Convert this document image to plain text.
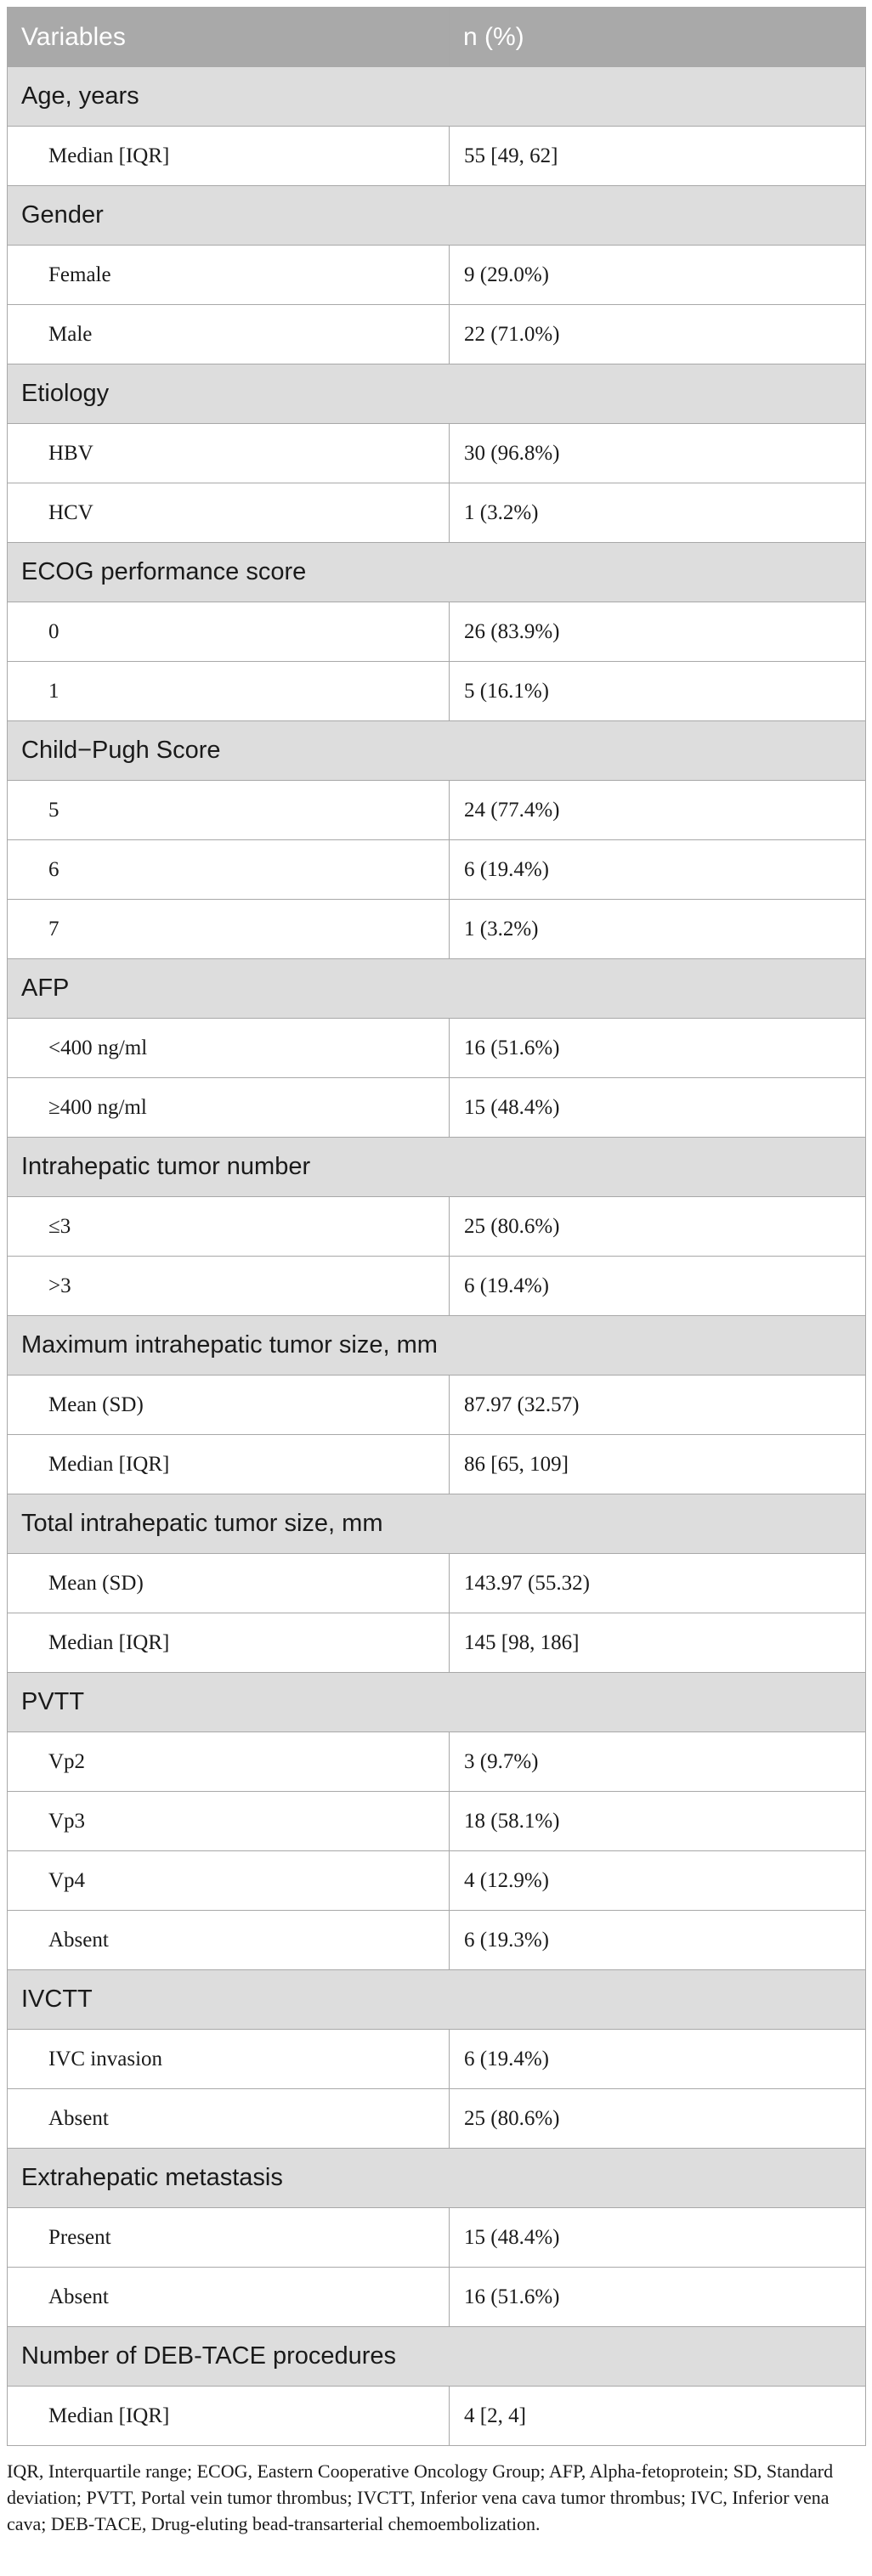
Variables	n (%)
Age, years	
Median [IQR]	55 [49, 62]
Gender	
Female	9 (29.0%)
Male	22 (71.0%)
Etiology	
HBV	30 (96.8%)
HCV	1 (3.2%)
ECOG performance score	
0	26 (83.9%)
1	5 (16.1%)
Child−Pugh Score	
5	24 (77.4%)
6	6 (19.4%)
7	1 (3.2%)
AFP	
<400 ng/ml	16 (51.6%)
≥400 ng/ml	15 (48.4%)
Intrahepatic tumor number	
≤3	25 (80.6%)
>3	6 (19.4%)
Maximum intrahepatic tumor size, mm	
Mean (SD)	87.97 (32.57)
Median [IQR]	86 [65, 109]
Total intrahepatic tumor size, mm	
Mean (SD)	143.97 (55.32)
Median [IQR]	145 [98, 186]
PVTT	
Vp2	3 (9.7%)
Vp3	18 (58.1%)
Vp4	4 (12.9%)
Absent	6 (19.3%)
IVCTT	
IVC invasion	6 (19.4%)
Absent	25 (80.6%)
Extrahepatic metastasis	
Present	15 (48.4%)
Absent	16 (51.6%)
Number of DEB-TACE procedures	
Median [IQR]	4 [2, 4]
IQR, Interquartile range; ECOG, Eastern Cooperative Oncology Group; AFP, Alpha-fetoprotein; SD, Standard deviation; PVTT, Portal vein tumor thrombus; IVCTT, Inferior vena cava tumor thrombus; IVC, Inferior vena cava; DEB-TACE, Drug-eluting bead-transarterial chemoembolization.
